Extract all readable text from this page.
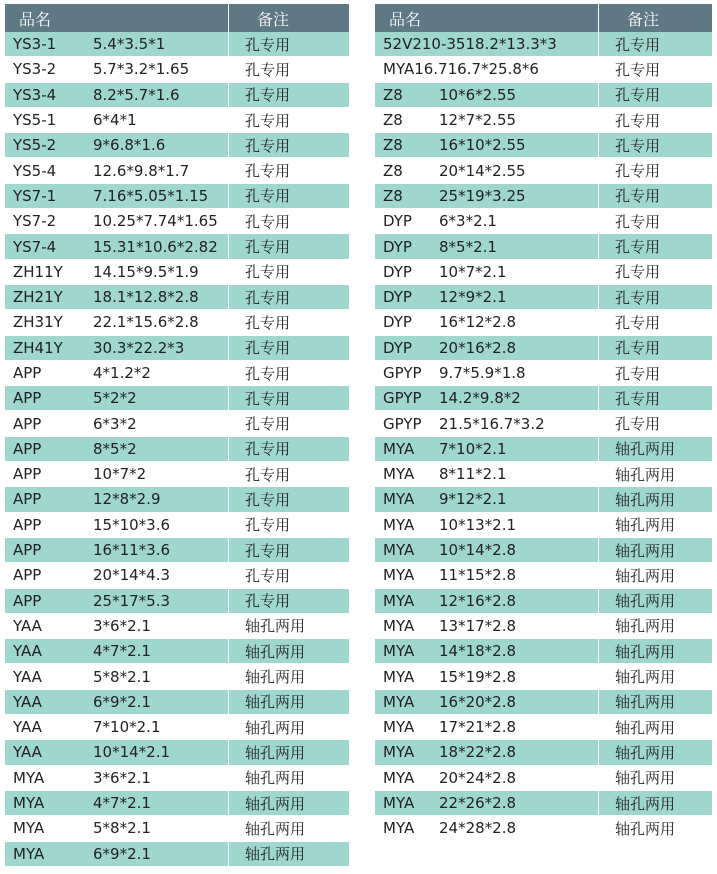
品名	备注
YS3-1	5.4*3.5*1	孔专用
YS3-2	5.7*3.2*1.65	孔专用
YS3-4	8.2*5.7*1.6	孔专用
YS5-1	6*4*1	孔专用
YS5-2	9*6.8*1.6	孔专用
YS5-4	12.6*9.8*1.7	孔专用
YS7-1	7.16*5.05*1.15	孔专用
YS7-2	10.25*7.74*1.65	孔专用
YS7-4	15.31*10.6*2.82	孔专用
ZH11Y	14.15*9.5*1.9	孔专用
ZH21Y	18.1*12.8*2.8	孔专用
ZH31Y	22.1*15.6*2.8	孔专用
ZH41Y	30.3*22.2*3	孔专用
APP	4*1.2*2	孔专用
APP	5*2*2	孔专用
APP	6*3*2	孔专用
APP	8*5*2	孔专用
APP	10*7*2	孔专用
APP	12*8*2.9	孔专用
APP	15*10*3.6	孔专用
APP	16*11*3.6	孔专用
APP	20*14*4.3	孔专用
APP	25*17*5.3	孔专用
YAA	3*6*2.1	轴孔两用
YAA	4*7*2.1	轴孔两用
YAA	5*8*2.1	轴孔两用
YAA	6*9*2.1	轴孔两用
YAA	7*10*2.1	轴孔两用
YAA	10*14*2.1	轴孔两用
MYA	3*6*2.1	轴孔两用
MYA	4*7*2.1	轴孔两用
MYA	5*8*2.1	轴孔两用
MYA	6*9*2.1	轴孔两用
品名	备注
52V210-35 18.2*13.3*3	孔专用
MYA16.7 16.7*25.8*6	孔专用
Z8	10*6*2.55	孔专用
Z8	12*7*2.55	孔专用
Z8	16*10*2.55	孔专用
Z8	20*14*2.55	孔专用
Z8	25*19*3.25	孔专用
DYP	6*3*2.1	孔专用
DYP	8*5*2.1	孔专用
DYP	10*7*2.1	孔专用
DYP	12*9*2.1	孔专用
DYP	16*12*2.8	孔专用
DYP	20*16*2.8	孔专用
GPYP	9.7*5.9*1.8	孔专用
GPYP	14.2*9.8*2	孔专用
GPYP	21.5*16.7*3.2	孔专用
MYA	7*10*2.1	轴孔两用
MYA	8*11*2.1	轴孔两用
MYA	9*12*2.1	轴孔两用
MYA	10*13*2.1	轴孔两用
MYA	10*14*2.8	轴孔两用
MYA	11*15*2.8	轴孔两用
MYA	12*16*2.8	轴孔两用
MYA	13*17*2.8	轴孔两用
MYA	14*18*2.8	轴孔两用
MYA	15*19*2.8	轴孔两用
MYA	16*20*2.8	轴孔两用
MYA	17*21*2.8	轴孔两用
MYA	18*22*2.8	轴孔两用
MYA	20*24*2.8	轴孔两用
MYA	22*26*2.8	轴孔两用
MYA	24*28*2.8	轴孔两用
